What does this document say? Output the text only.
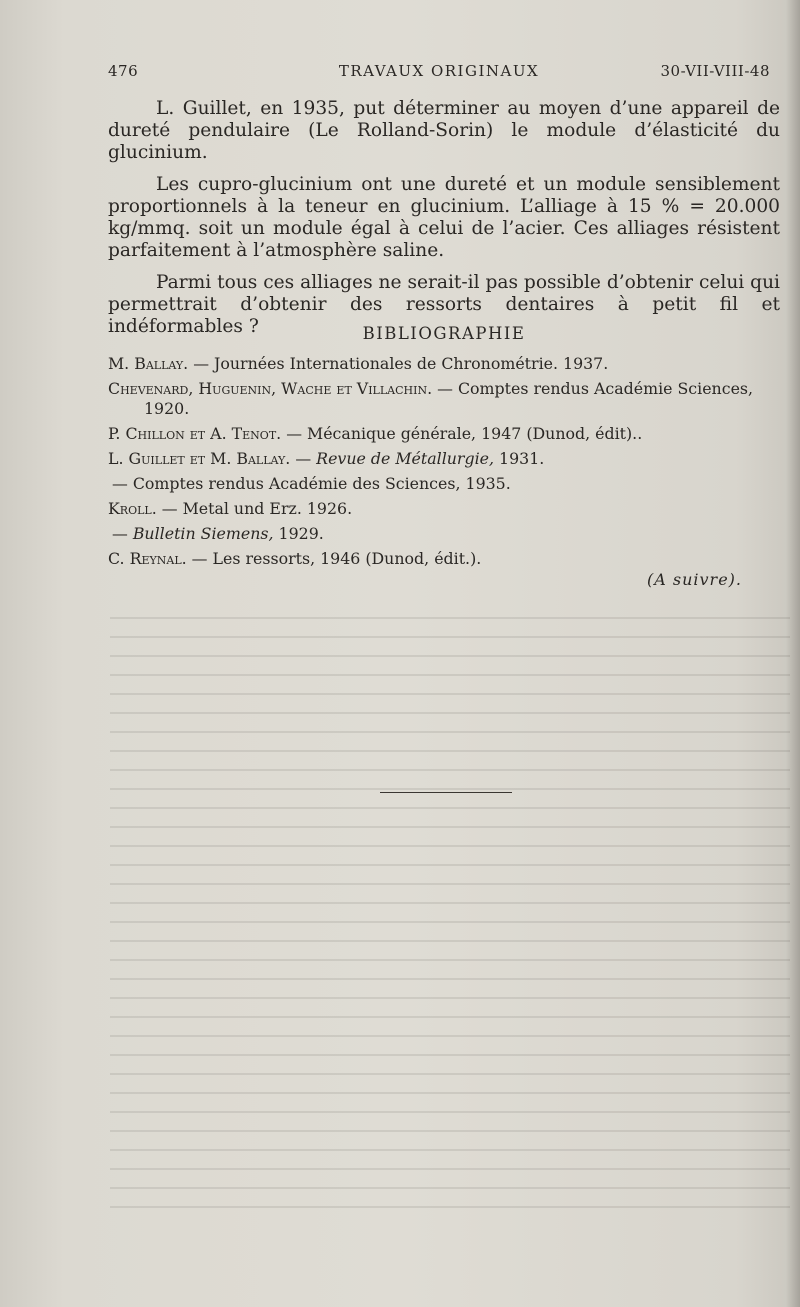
476	TRAVAUX ORIGINAUX	30-VII-VIII-48

L. Guillet, en 1935, put déterminer au moyen d’une appareil de dureté pendulaire (Le Rolland-Sorin) le module d’élasticité du glucinium.

Les cupro-glucinium ont une dureté et un module sensiblement proportionnels à la teneur en glucinium. L’alliage à 15 % = 20.000 kg/mmq. soit un module égal à celui de l’acier. Ces alliages résistent parfaitement à l’atmosphère saline.

Parmi tous ces alliages ne serait-il pas possible d’obtenir celui qui permettrait d’obtenir des ressorts dentaires à petit fil et indéformables ?	BIBLIOGRAPHIE
M. Ballay. — Journées Internationales de Chronométrie. 1937.
Chevenard, Huguenin, Wache et Villachin. — Comptes rendus Académie Sciences, 1920.
P. Chillon et A. Tenot. — Mécanique générale, 1947 (Dunod, édit)..
L. Guillet et M. Ballay. — Revue de Métallurgie, 1931.
— Comptes rendus Académie des Sciences, 1935.
Kroll. — Metal und Erz. 1926.
— Bulletin Siemens, 1929.
C. Reynal. — Les ressorts, 1946 (Dunod, édit.).
(A suivre).
